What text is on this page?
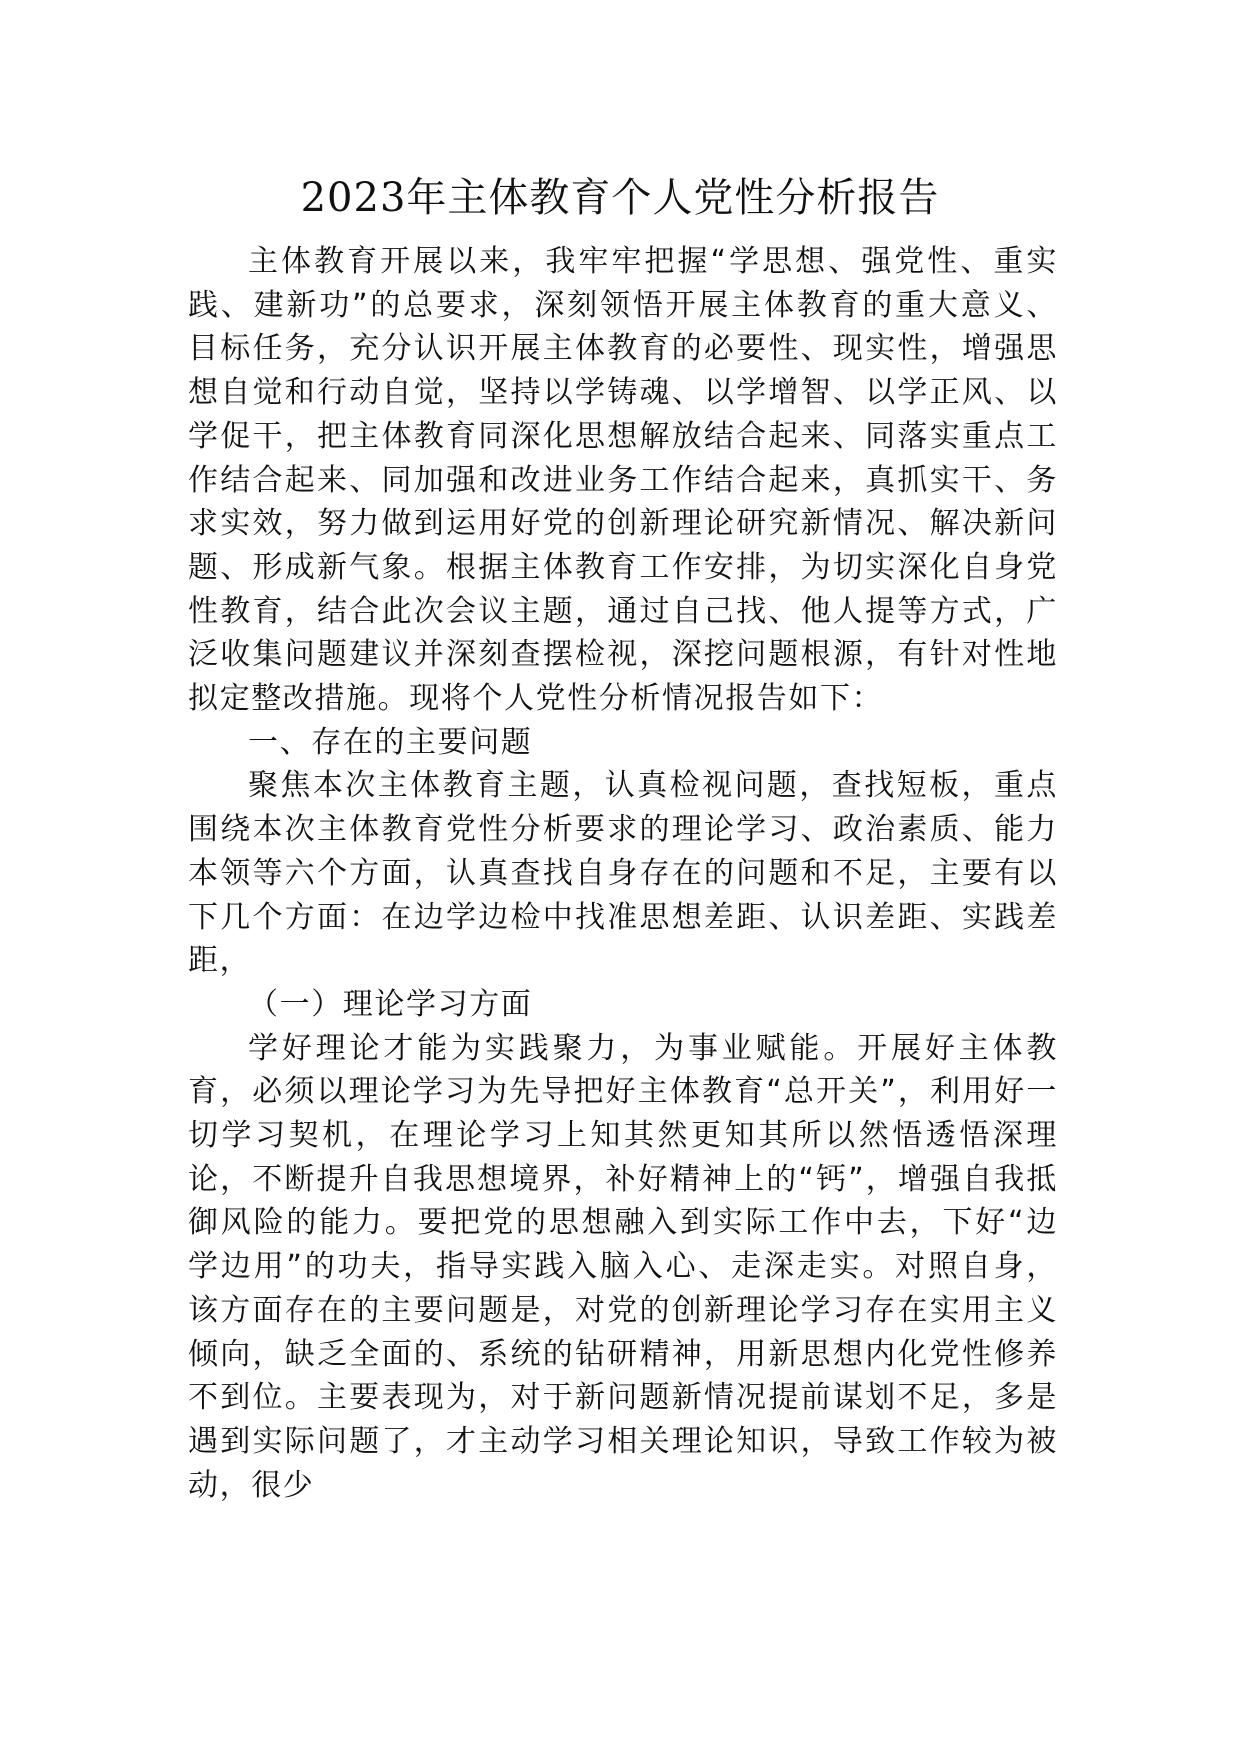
2023年主体教育个人党性分析报告

主体教育开展以来，我牢牢把握“学思想、强党性、重实践、建新功”的总要求，深刻领悟开展主体教育的重大意义、目标任务，充分认识开展主体教育的必要性、现实性，增强思想自觉和行动自觉，坚持以学铸魂、以学增智、以学正风、以学促干，把主体教育同深化思想解放结合起来、同落实重点工作结合起来、同加强和改进业务工作结合起来，真抓实干、务求实效，努力做到运用好党的创新理论研究新情况、解决新问题、形成新气象。根据主体教育工作安排，为切实深化自身党性教育，结合此次会议主题，通过自己找、他人提等方式，广泛收集问题建议并深刻查摆检视，深挖问题根源，有针对性地拟定整改措施。现将个人党性分析情况报告如下：

一、存在的主要问题

聚焦本次主体教育主题，认真检视问题，查找短板，重点围绕本次主体教育党性分析要求的理论学习、政治素质、能力本领等六个方面，认真查找自身存在的问题和不足，主要有以下几个方面：在边学边检中找准思想差距、认识差距、实践差距，

（一）理论学习方面

学好理论才能为实践聚力，为事业赋能。开展好主体教育，必须以理论学习为先导把好主体教育“总开关”，利用好一切学习契机，在理论学习上知其然更知其所以然悟透悟深理论，不断提升自我思想境界，补好精神上的“钙”，增强自我抵御风险的能力。要把党的思想融入到实际工作中去，下好“边学边用”的功夫，指导实践入脑入心、走深走实。对照自身，该方面存在的主要问题是，对党的创新理论学习存在实用主义倾向，缺乏全面的、系统的钻研精神，用新思想内化党性修养不到位。主要表现为，对于新问题新情况提前谋划不足，多是遇到实际问题了，才主动学习相关理论知识，导致工作较为被动，很少
